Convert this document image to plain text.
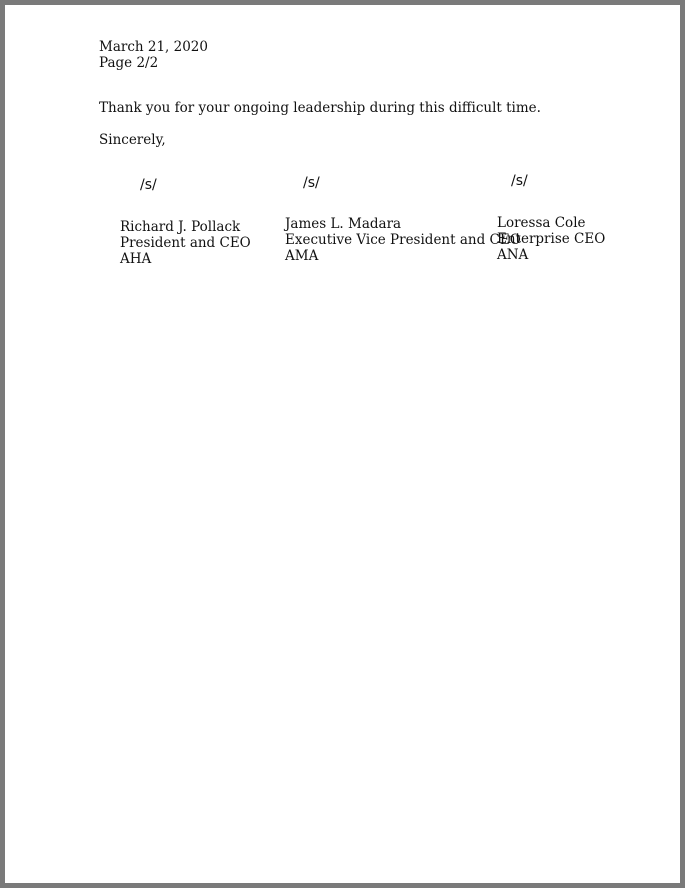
March 21, 2020
Page 2/2
Thank you for your ongoing leadership during this difficult time.
Sincerely,
/s/
Richard J. Pollack
President and CEO
AHA
/s/
James L. Madara
Executive Vice President and CEO
AMA
/s/
Loressa Cole
Enterprise CEO
ANA
